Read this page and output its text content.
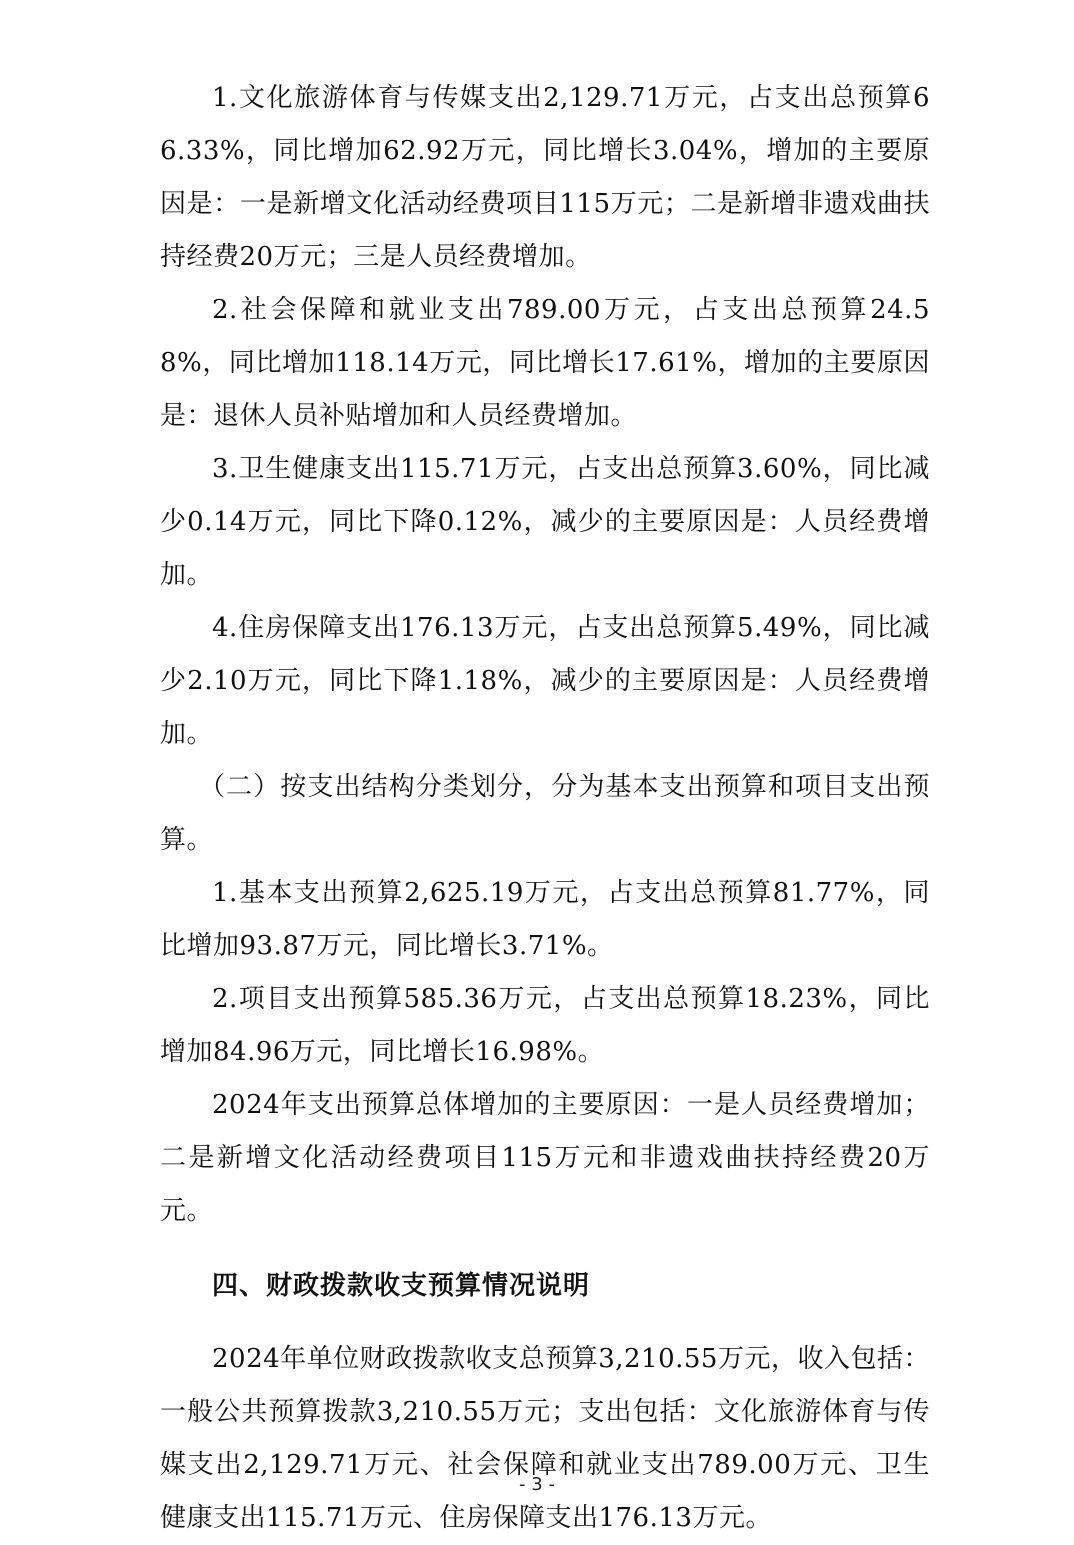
1.文化旅游体育与传媒支出2,129.71万元，占支出总预算66.33%，同比增加62.92万元，同比增长3.04%，增加的主要原因是：一是新增文化活动经费项目115万元；二是新增非遗戏曲扶持经费20万元；三是人员经费增加。

2.社会保障和就业支出789.00万元，占支出总预算24.58%，同比增加118.14万元，同比增长17.61%，增加的主要原因是：退休人员补贴增加和人员经费增加。

3.卫生健康支出115.71万元，占支出总预算3.60%，同比减少0.14万元，同比下降0.12%，减少的主要原因是：人员经费增加。

4.住房保障支出176.13万元，占支出总预算5.49%，同比减少2.10万元，同比下降1.18%，减少的主要原因是：人员经费增加。

（二）按支出结构分类划分，分为基本支出预算和项目支出预算。

1.基本支出预算2,625.19万元，占支出总预算81.77%，同比增加93.87万元，同比增长3.71%。

2.项目支出预算585.36万元，占支出总预算18.23%，同比增加84.96万元，同比增长16.98%。

2024年支出预算总体增加的主要原因：一是人员经费增加；二是新增文化活动经费项目115万元和非遗戏曲扶持经费20万元。

四、财政拨款收支预算情况说明

2024年单位财政拨款收支总预算3,210.55万元，收入包括：一般公共预算拨款3,210.55万元；支出包括：文化旅游体育与传媒支出2,129.71万元、社会保障和就业支出789.00万元、卫生健康支出115.71万元、住房保障支出176.13万元。

- 3 -
